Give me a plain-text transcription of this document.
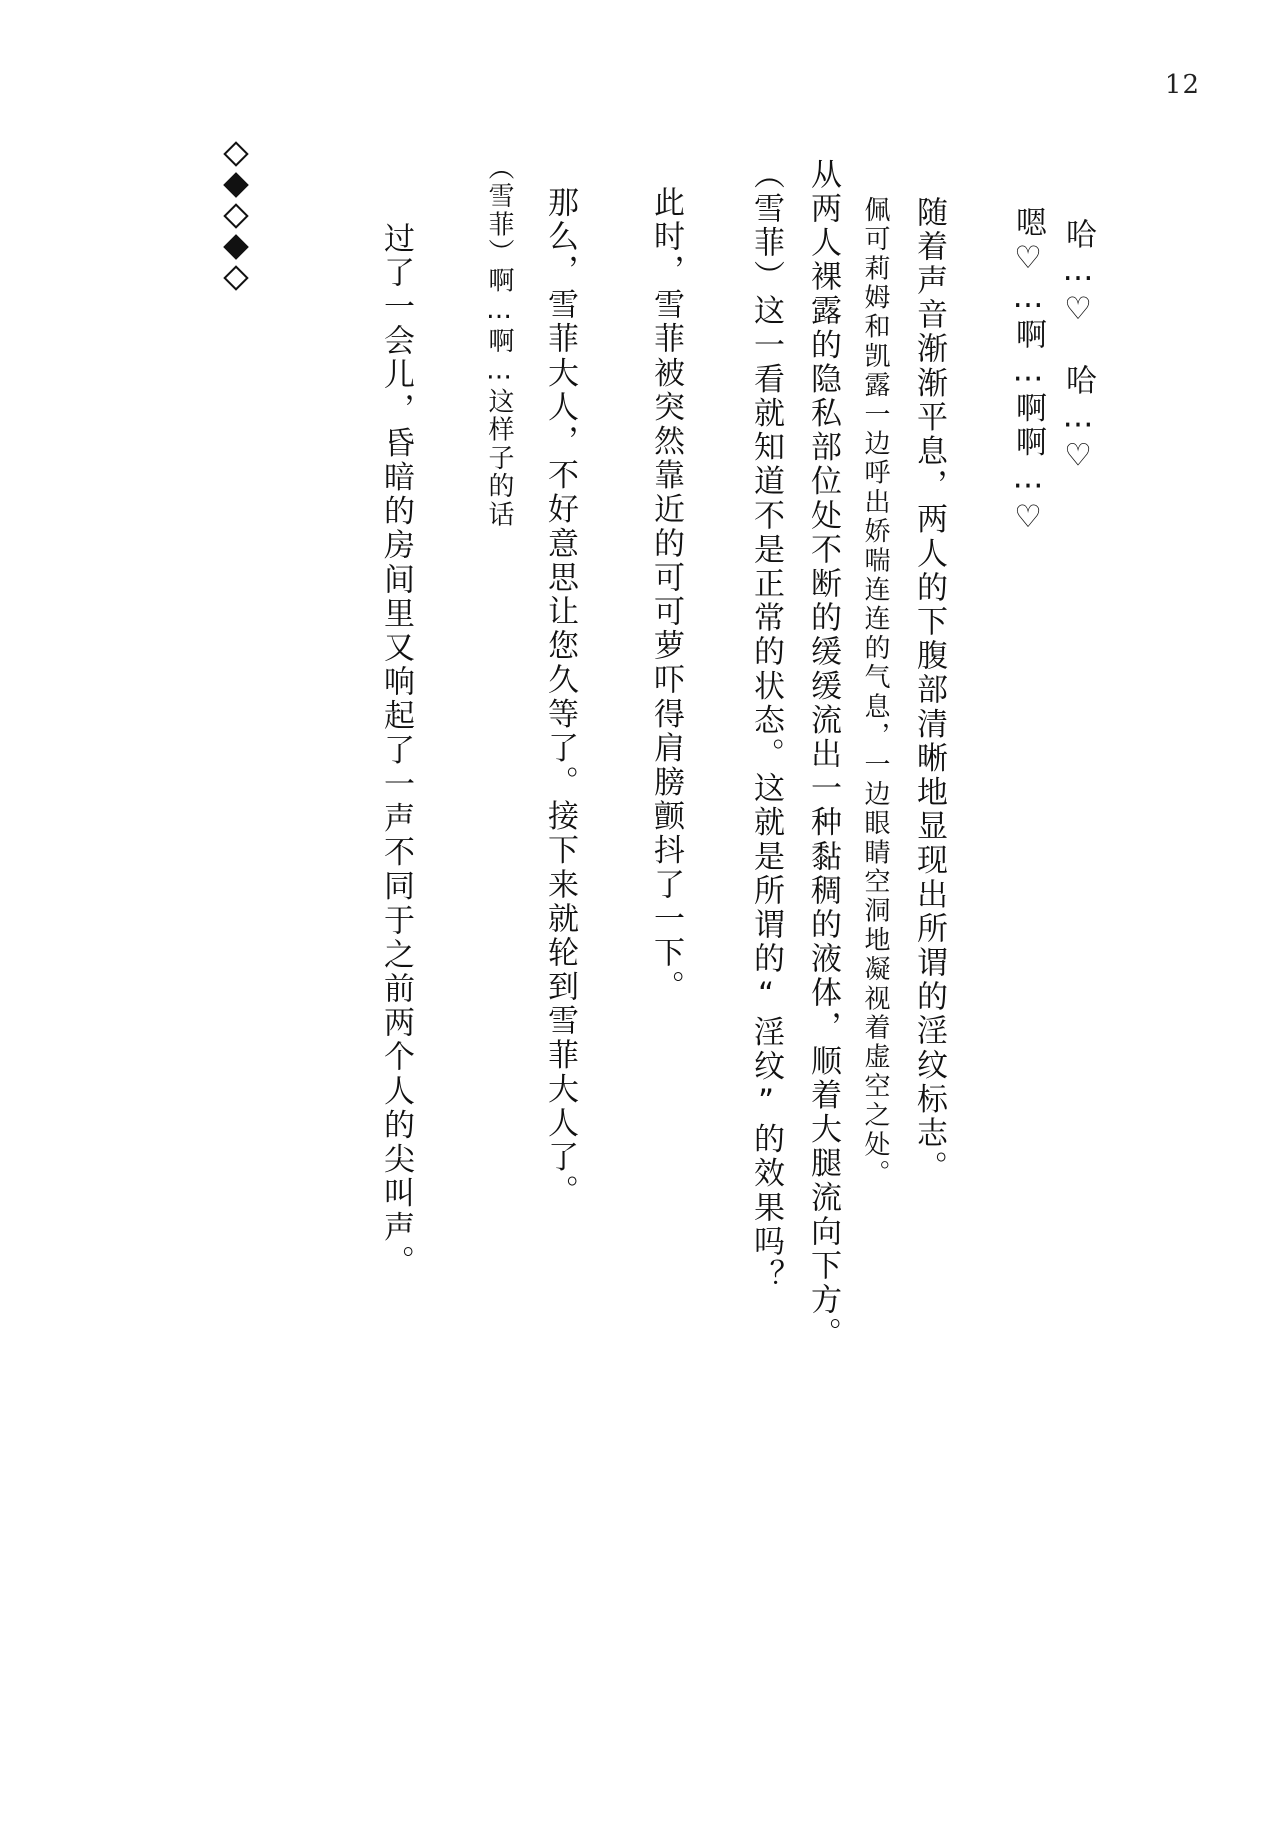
12
哈…♡　哈…♡
嗯♡…啊…啊啊…♡
随着声音渐渐平息，两人的下腹部清晰地显现出所谓的淫纹标志。
佩可莉姆和凯露一边呼出娇喘连连的气息，一边眼睛空洞地凝视着虚空之处。
从两人裸露的隐私部位处不断的缓缓流出一种黏稠的液体，顺着大腿流向下方。
（雪菲）这一看就知道不是正常的状态。这就是所谓的“淫纹”的效果吗？
此时，雪菲被突然靠近的可可萝吓得肩膀颤抖了一下。
那么，雪菲大人，不好意思让您久等了。接下来就轮到雪菲大人了。
（雪菲）啊…啊…这样子的话
过了一会儿，昏暗的房间里又响起了一声不同于之前两个人的尖叫声。
